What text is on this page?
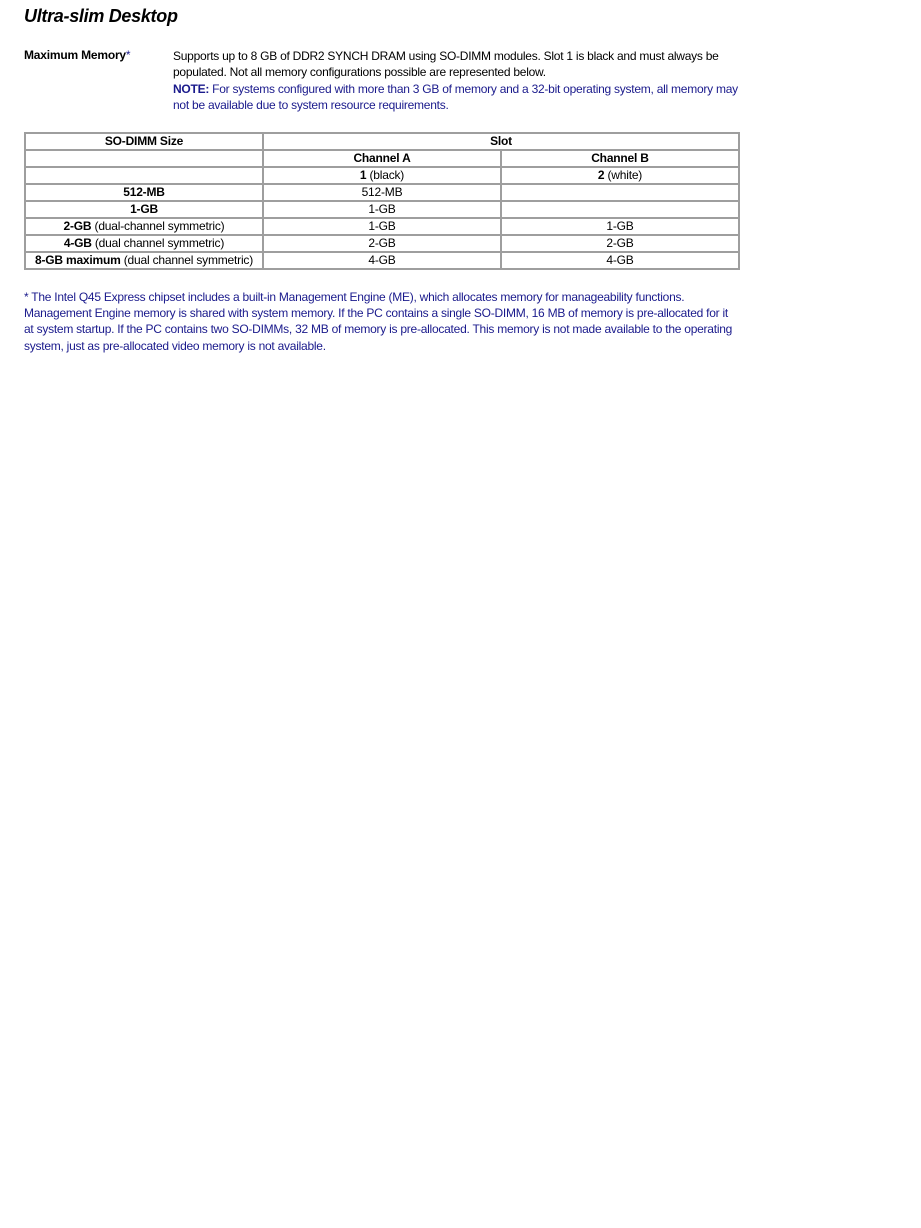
Ultra-slim Desktop
Maximum Memory*	Supports up to 8 GB of DDR2 SYNCH DRAM using SO-DIMM modules. Slot 1 is black and must always be populated. Not all memory configurations possible are represented below.
NOTE: For systems configured with more than 3 GB of memory and a 32-bit operating system, all memory may not be available due to system resource requirements.
SO-DIMM Size	Slot	
	Channel A	Channel B
	1 (black)	2 (white)
512-MB	512-MB	
1-GB	1-GB	
2-GB (dual-channel symmetric)	1-GB	1-GB
4-GB (dual channel symmetric)	2-GB	2-GB
8-GB maximum (dual channel symmetric)	4-GB	4-GB
* The Intel Q45 Express chipset includes a built-in Management Engine (ME), which allocates memory for manageability functions. Management Engine memory is shared with system memory. If the PC contains a single SO-DIMM, 16 MB of memory is pre-allocated for it at system startup. If the PC contains two SO-DIMMs, 32 MB of memory is pre-allocated. This memory is not made available to the operating system, just as pre-allocated video memory is not available.
